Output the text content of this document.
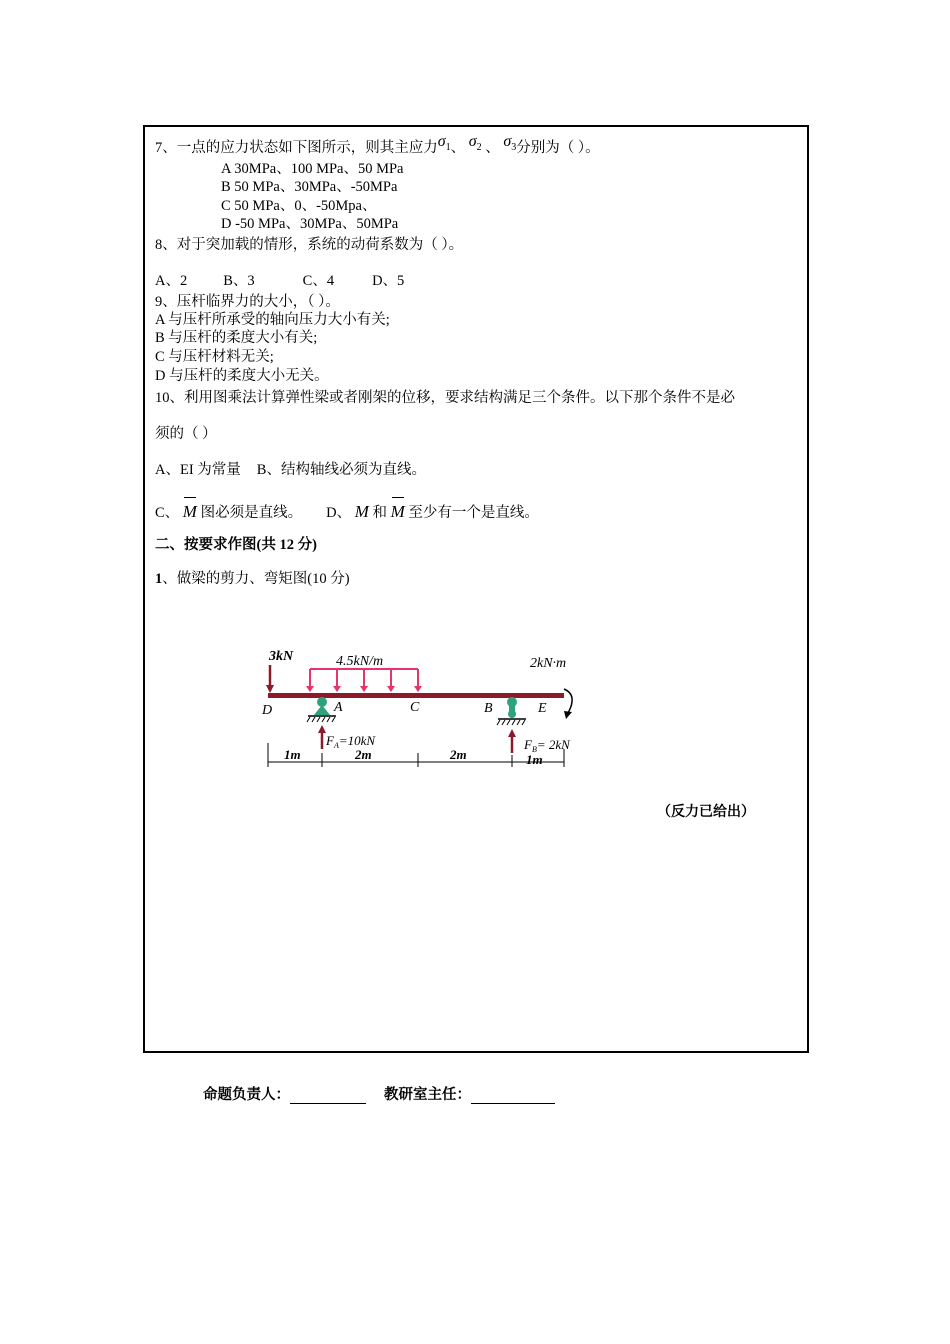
7、一点的应力状态如下图所示，则其主应力$\sigma_1$、 $\sigma_2$ 、 $\sigma_3$分别为（ ）。
A 30MPa、100 MPa、50 MPa
B 50 MPa、30MPa、-50MPa
C 50 MPa、0、-50Mpa、
D -50 MPa、30MPa、50MPa
8、对于突加载的情形，系统的动荷系数为（ ）。
A、2 B、3	C、4	D、5
9、压杆临界力的大小，（ ）。
A 与压杆所承受的轴向压力大小有关;
B 与压杆的柔度大小有关;
C 与压杆材料无关;
D 与压杆的柔度大小无关。
10、利用图乘法计算弹性梁或者刚架的位移，要求结构满足三个条件。以下那个条件不是必
须的（ ）
A、EI 为常量 B、结构轴线必须为直线。
C、 M 图必须是直线。 D、 M 和 M 至少有一个是直线。
二、按要求作图(共 12 分)
1、做梁的剪力、弯矩图(10 分)
3kN	4.5kN/m	2kN·m
D	A	C	B	E
$F_A=10kN$	$F_B= 2kN$
1m	2m	2m	1m
（反力已给出）
命题负责人：	教研室主任：
